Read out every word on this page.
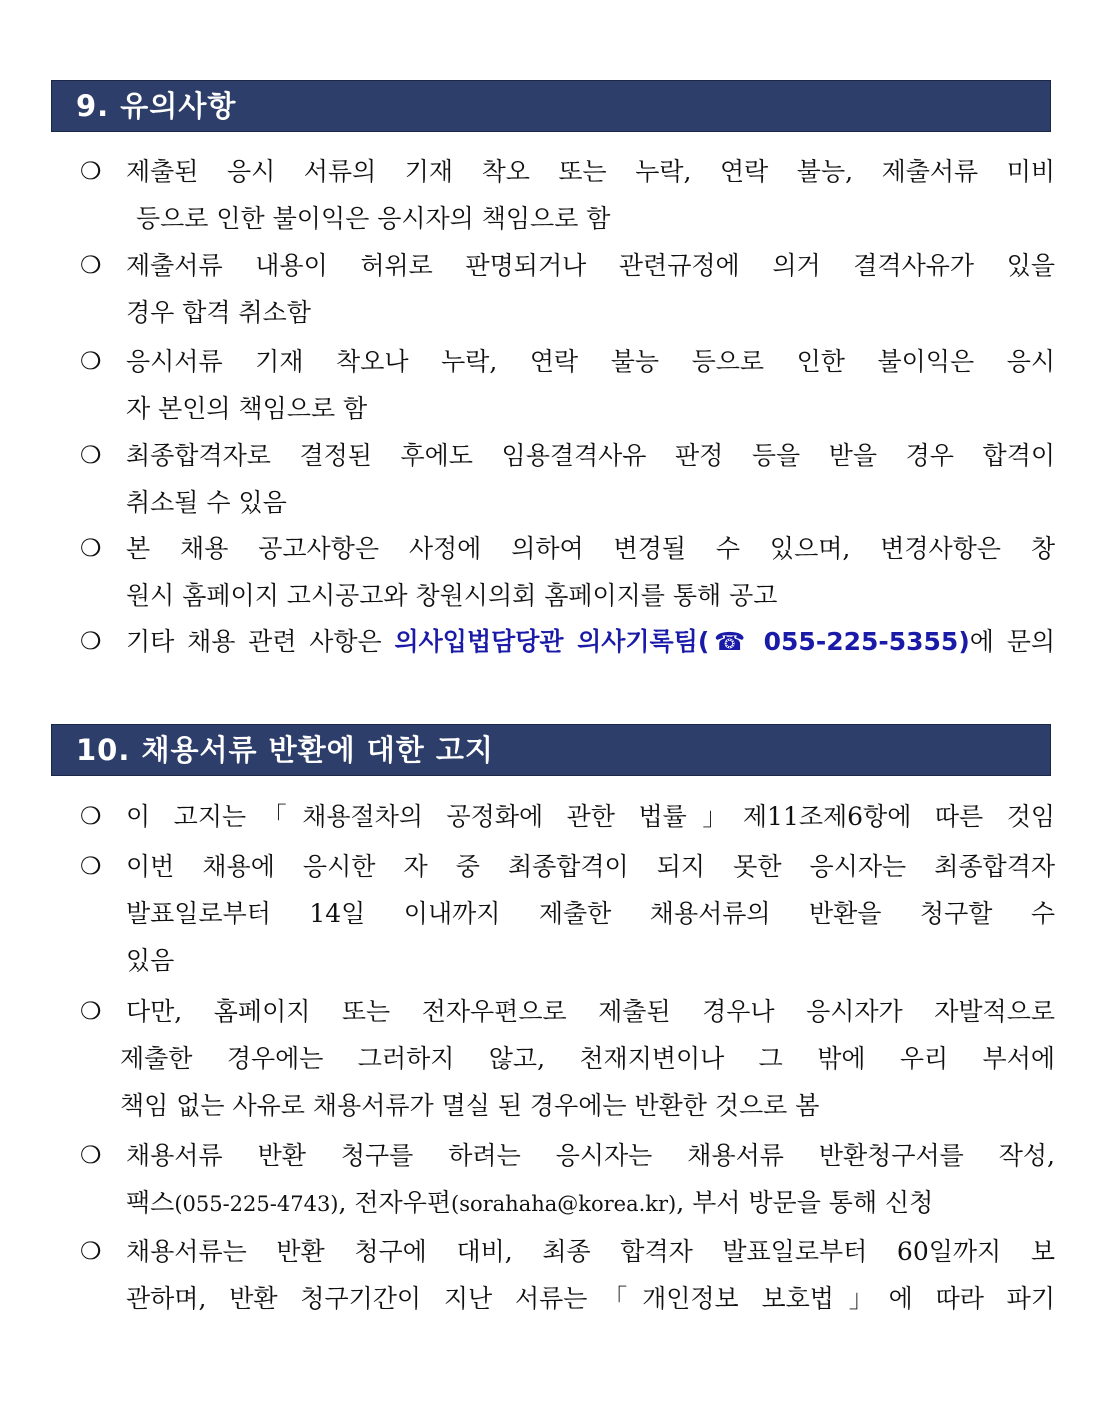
9. 유의사항
❍ 제출된 응시 서류의 기재 착오 또는 누락, 연락 불능, 제출서류 미비
등으로 인한 불이익은 응시자의 책임으로 함
❍ 제출서류 내용이 허위로 판명되거나 관련규정에 의거 결격사유가 있을
경우 합격 취소함
❍ 응시서류 기재 착오나 누락, 연락 불능 등으로 인한 불이익은 응시
자 본인의 책임으로 함
❍ 최종합격자로 결정된 후에도 임용결격사유 판정 등을 받을 경우 합격이
취소될 수 있음
❍ 본 채용 공고사항은 사정에 의하여 변경될 수 있으며, 변경사항은 창
원시 홈페이지 고시공고와 창원시의회 홈페이지를 통해 공고
❍ 기타 채용 관련 사항은 의사입법담당관 의사기록팀(☎ 055-225-5355)에 문의
10. 채용서류 반환에 대한 고지
❍ 이 고지는「채용절차의 공정화에 관한 법률」제11조제6항에 따른 것임
❍ 이번 채용에 응시한 자 중 최종합격이 되지 못한 응시자는 최종합격자
발표일로부터 14일 이내까지 제출한 채용서류의 반환을 청구할 수
있음
❍ 다만, 홈페이지 또는 전자우편으로 제출된 경우나 응시자가 자발적으로
제출한 경우에는 그러하지 않고, 천재지변이나 그 밖에 우리 부서에
책임 없는 사유로 채용서류가 멸실 된 경우에는 반환한 것으로 봄
❍ 채용서류 반환 청구를 하려는 응시자는 채용서류 반환청구서를 작성,
팩스(055-225-4743), 전자우편(sorahaha@korea.kr), 부서 방문을 통해 신청
❍ 채용서류는 반환 청구에 대비, 최종 합격자 발표일로부터 60일까지 보
관하며, 반환 청구기간이 지난 서류는「개인정보 보호법」에 따라 파기
